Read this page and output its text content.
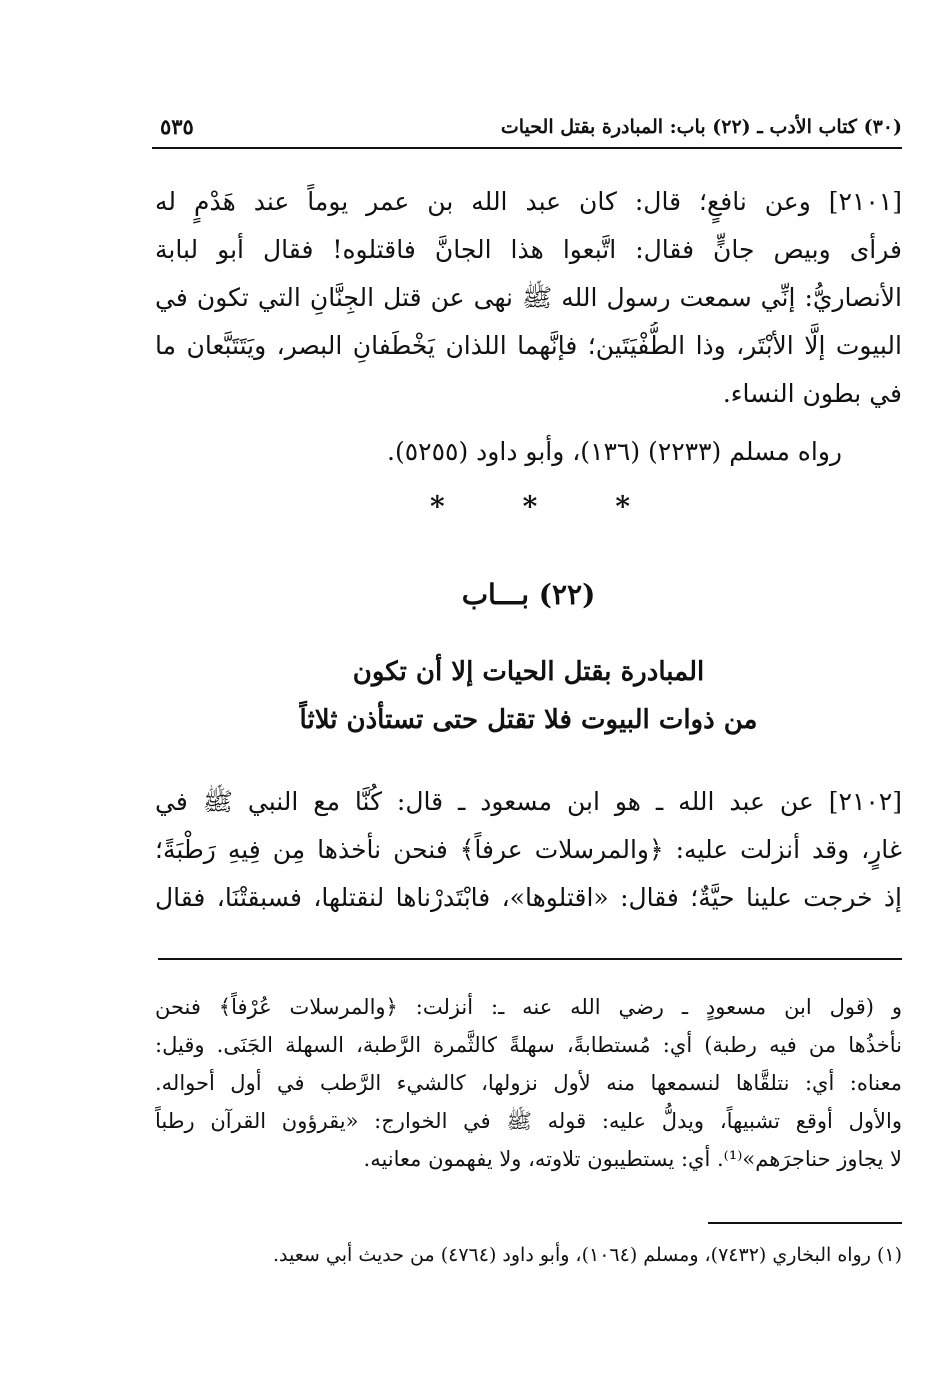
(٣٠) كتاب الأدب ـ (٢٢) باب: المبادرة بقتل الحيات
٥٣٥
[٢١٠١] وعن نافعٍ؛ قال: كان عبد الله بن عمر يوماً عند هَدْمٍ له
فرأى وبيص جانٍّ فقال: اتَّبعوا هذا الجانَّ فاقتلوه! فقال أبو لبابة
الأنصاريُّ: إنِّي سمعت رسول الله ﷺ نهى عن قتل الجِنَّانِ التي تكون في
البيوت إلَّا الأبْتَر، وذا الطُّفْيَتَين؛ فإنَّهما اللذان يَخْطَفانِ البصر، ويَتَتَبَّعان ما
في بطون النساء.
رواه مسلم (٢٢٣٣) (١٣٦)، وأبو داود (٥٢٥٥).
*	*	*
(٢٢) بـــاب
المبادرة بقتل الحيات إلا أن تكون
من ذوات البيوت فلا تقتل حتى تستأذن ثلاثاً
[٢١٠٢] عن عبد الله ـ هو ابن مسعود ـ قال: كُنَّا مع النبي ﷺ في
غارٍ، وقد أنزلت عليه: ﴿والمرسلات عرفاً﴾ فنحن نأخذها مِن فِيهِ رَطْبَةً؛
إذ خرجت علينا حيَّةٌ؛ فقال: «اقتلوها»، فابْتَدرْناها لنقتلها، فسبقتْنَا، فقال
و (قول ابن مسعودٍ ـ رضي الله عنه ـ: أنزلت: ﴿والمرسلات عُرْفاً﴾ فنحن
نأخذُها من فيه رطبة) أي: مُستطابةً، سهلةً كالثَّمرة الرَّطبة، السهلة الجَنَى. وقيل:
معناه: أي: نتلقَّاها لنسمعها منه لأول نزولها، كالشيء الرَّطب في أول أحواله.
والأول أوقع تشبيهاً، ويدلُّ عليه: قوله ﷺ في الخوارج: «يقرؤون القرآن رطباً
لا يجاوز حناجرَهم»⁽¹⁾. أي: يستطيبون تلاوته، ولا يفهمون معانيه.
(١) رواه البخاري (٧٤٣٢)، ومسلم (١٠٦٤)، وأبو داود (٤٧٦٤) من حديث أبي سعيد.
